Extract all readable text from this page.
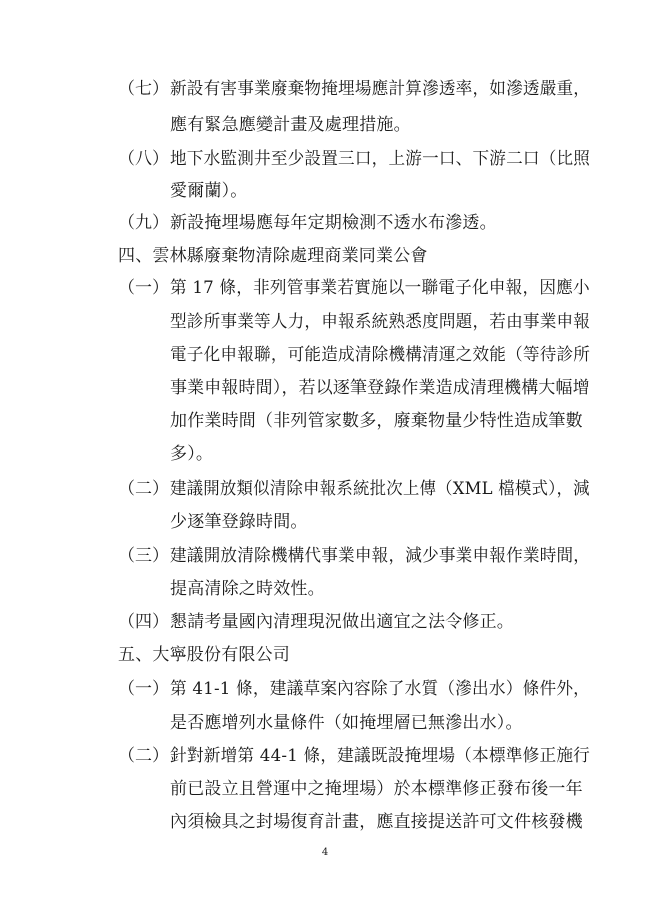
（七） 新設有害事業廢棄物掩埋場應計算滲透率，如滲透嚴重，
應有緊急應變計畫及處理措施。
（八） 地下水監測井至少設置三口，上游一口、下游二口（比照
愛爾蘭）。
（九） 新設掩埋場應每年定期檢測不透水布滲透。
四、雲林縣廢棄物清除處理商業同業公會
（一） 第 17 條，非列管事業若實施以一聯電子化申報，因應小
型診所事業等人力，申報系統熟悉度問題，若由事業申報
電子化申報聯，可能造成清除機構清運之效能（等待診所
事業申報時間），若以逐筆登錄作業造成清理機構大幅增
加作業時間（非列管家數多，廢棄物量少特性造成筆數
多）。
（二） 建議開放類似清除申報系統批次上傳（XML 檔模式），減
少逐筆登錄時間。
（三） 建議開放清除機構代事業申報，減少事業申報作業時間，
提高清除之時效性。
（四） 懇請考量國內清理現況做出適宜之法令修正。
五、大寧股份有限公司
（一） 第 41-1 條，建議草案內容除了水質（滲出水）條件外，
是否應增列水量條件（如掩埋層已無滲出水）。
（二） 針對新增第 44-1 條，建議既設掩埋場（本標準修正施行
前已設立且營運中之掩埋場）於本標準修正發布後一年
內須檢具之封場復育計畫，應直接提送許可文件核發機
4
